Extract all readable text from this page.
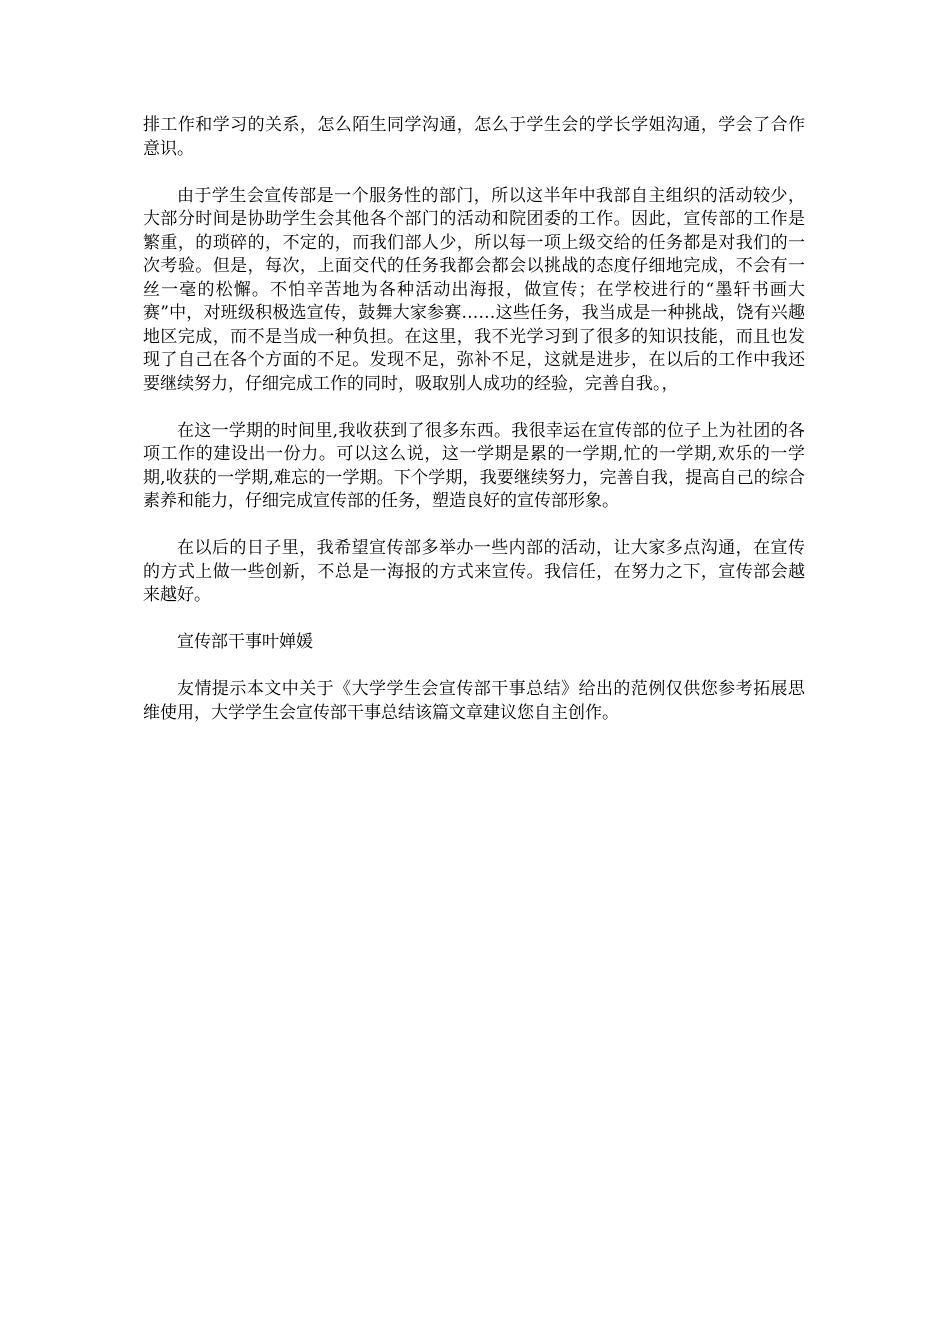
排工作和学习的关系，怎么陌生同学沟通，怎么于学生会的学长学姐沟通，学会了合作意识。

由于学生会宣传部是一个服务性的部门，所以这半年中我部自主组织的活动较少，大部分时间是协助学生会其他各个部门的活动和院团委的工作。因此，宣传部的工作是繁重，的琐碎的，不定的，而我们部人少，所以每一项上级交给的任务都是对我们的一次考验。但是，每次，上面交代的任务我都会都会以挑战的态度仔细地完成，不会有一丝一毫的松懈。不怕辛苦地为各种活动出海报，做宣传；在学校进行的“墨轩书画大赛”中，对班级积极选宣传，鼓舞大家参赛……这些任务，我当成是一种挑战，饶有兴趣地区完成，而不是当成一种负担。在这里，我不光学习到了很多的知识技能，而且也发现了自己在各个方面的不足。发现不足，弥补不足，这就是进步，在以后的工作中我还要继续努力，仔细完成工作的同时，吸取别人成功的经验，完善自我。，

在这一学期的时间里,我收获到了很多东西。我很幸运在宣传部的位子上为社团的各项工作的建设出一份力。可以这么说，这一学期是累的一学期,忙的一学期,欢乐的一学期,收获的一学期,难忘的一学期。下个学期，我要继续努力，完善自我，提高自己的综合素养和能力，仔细完成宣传部的任务，塑造良好的宣传部形象。

在以后的日子里，我希望宣传部多举办一些内部的活动，让大家多点沟通，在宣传的方式上做一些创新，不总是一海报的方式来宣传。我信任，在努力之下，宣传部会越来越好。

宣传部干事叶婵媛

友情提示本文中关于《大学学生会宣传部干事总结》给出的范例仅供您参考拓展思维使用，大学学生会宣传部干事总结该篇文章建议您自主创作。
